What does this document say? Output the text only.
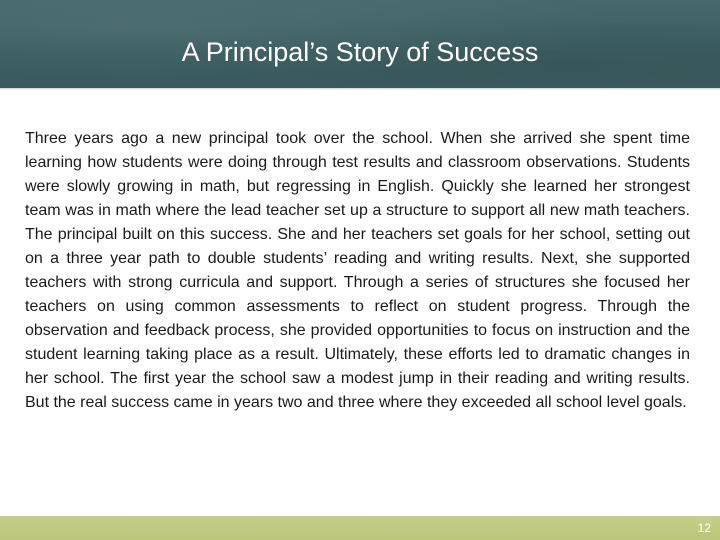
A Principal’s Story of Success

Three years ago a new principal took over the school. When she arrived she spent time learning how students were doing through test results and classroom observations. Students were slowly growing in math, but regressing in English. Quickly she learned her strongest team was in math where the lead teacher set up a structure to support all new math teachers. The principal built on this success. She and her teachers set goals for her school, setting out on a three year path to double students’ reading and writing results. Next, she supported teachers with strong curricula and support. Through a series of structures she focused her teachers on using common assessments to reflect on student progress. Through the observation and feedback process, she provided opportunities to focus on instruction and the student learning taking place as a result. Ultimately, these efforts led to dramatic changes in her school. The first year the school saw a modest jump in their reading and writing results. But the real success came in years two and three where they exceeded all school level goals.

12
